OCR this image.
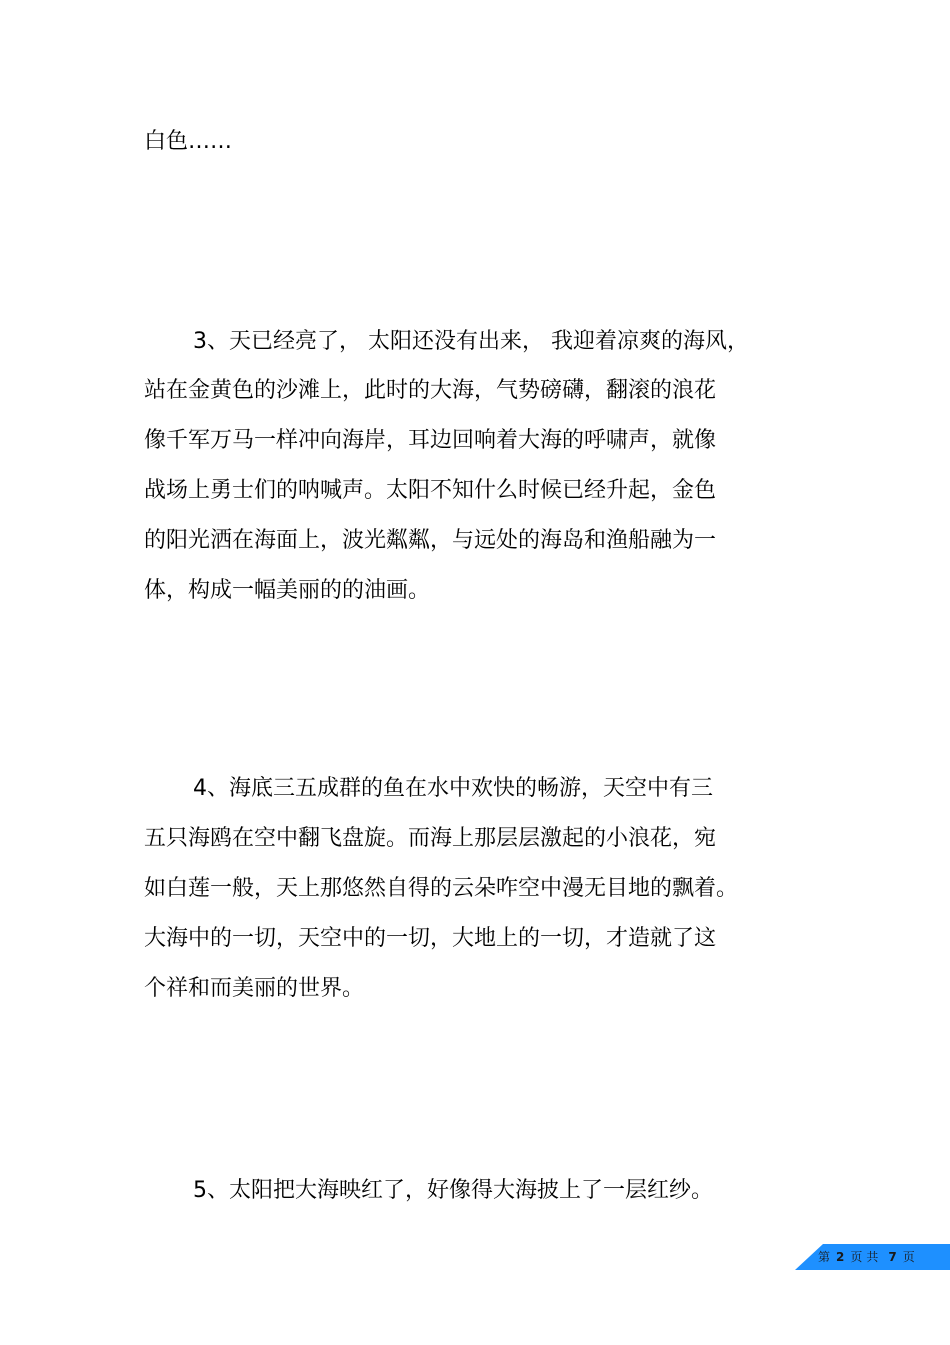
白色……
3、天已经亮了， 太阳还没有出来， 我迎着凉爽的海风，
站在金黄色的沙滩上，此时的大海，气势磅礴，翻滚的浪花
像千军万马一样冲向海岸，耳边回响着大海的呼啸声，就像
战场上勇士们的呐喊声。太阳不知什么时候已经升起，金色
的阳光洒在海面上，波光粼粼，与远处的海岛和渔船融为一
体，构成一幅美丽的的油画。
4、海底三五成群的鱼在水中欢快的畅游，天空中有三
五只海鸥在空中翻飞盘旋。而海上那层层激起的小浪花，宛
如白莲一般，天上那悠然自得的云朵咋空中漫无目地的飘着。
大海中的一切，天空中的一切，大地上的一切，才造就了这
个祥和而美丽的世界。
5、太阳把大海映红了，好像得大海披上了一层红纱。
第 2 页 共 7 页
